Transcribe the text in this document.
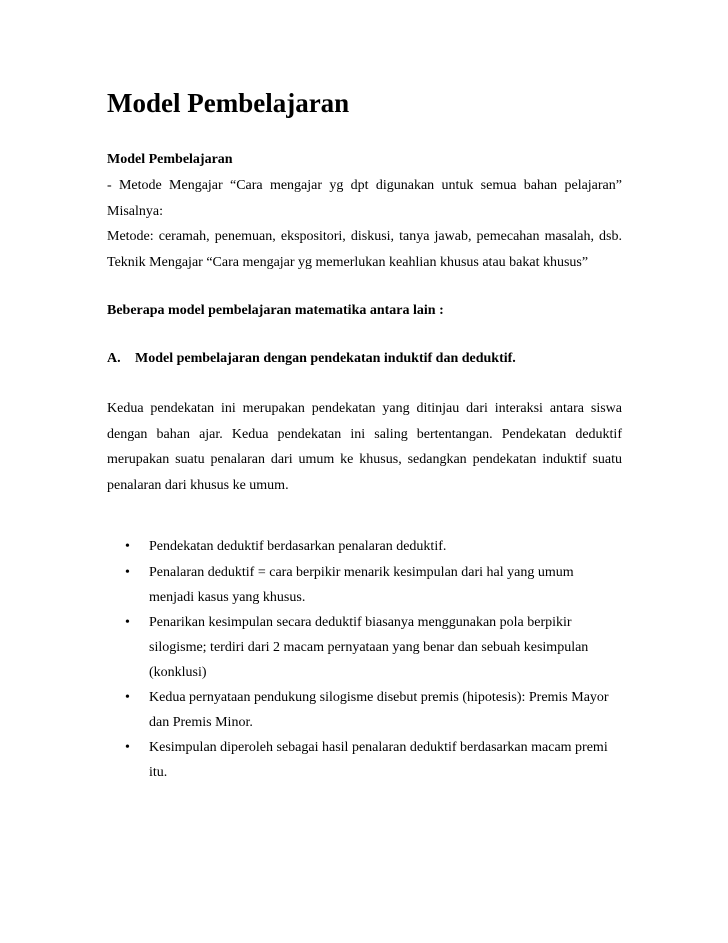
Model Pembelajaran
Model Pembelajaran
- Metode Mengajar “Cara mengajar yg dpt digunakan untuk semua bahan pelajaran”
Misalnya:
Metode: ceramah, penemuan, ekspositori, diskusi, tanya jawab, pemecahan masalah, dsb.
Teknik Mengajar “Cara mengajar yg memerlukan keahlian khusus atau bakat khusus”
Beberapa model pembelajaran matematika antara lain :
A. Model pembelajaran dengan pendekatan induktif dan deduktif.
Kedua pendekatan ini merupakan pendekatan yang ditinjau dari interaksi antara siswa
dengan bahan ajar. Kedua pendekatan ini saling bertentangan. Pendekatan deduktif
merupakan suatu penalaran dari umum ke khusus, sedangkan pendekatan induktif suatu
penalaran dari khusus ke umum.
• Pendekatan deduktif berdasarkan penalaran deduktif.
• Penalaran deduktif = cara berpikir menarik kesimpulan dari hal yang umum
menjadi kasus yang khusus.
• Penarikan kesimpulan secara deduktif biasanya menggunakan pola berpikir
silogisme; terdiri dari 2 macam pernyataan yang benar dan sebuah kesimpulan
(konklusi)
• Kedua pernyataan pendukung silogisme disebut premis (hipotesis): Premis Mayor
dan Premis Minor.
• Kesimpulan diperoleh sebagai hasil penalaran deduktif berdasarkan macam premi
itu.
